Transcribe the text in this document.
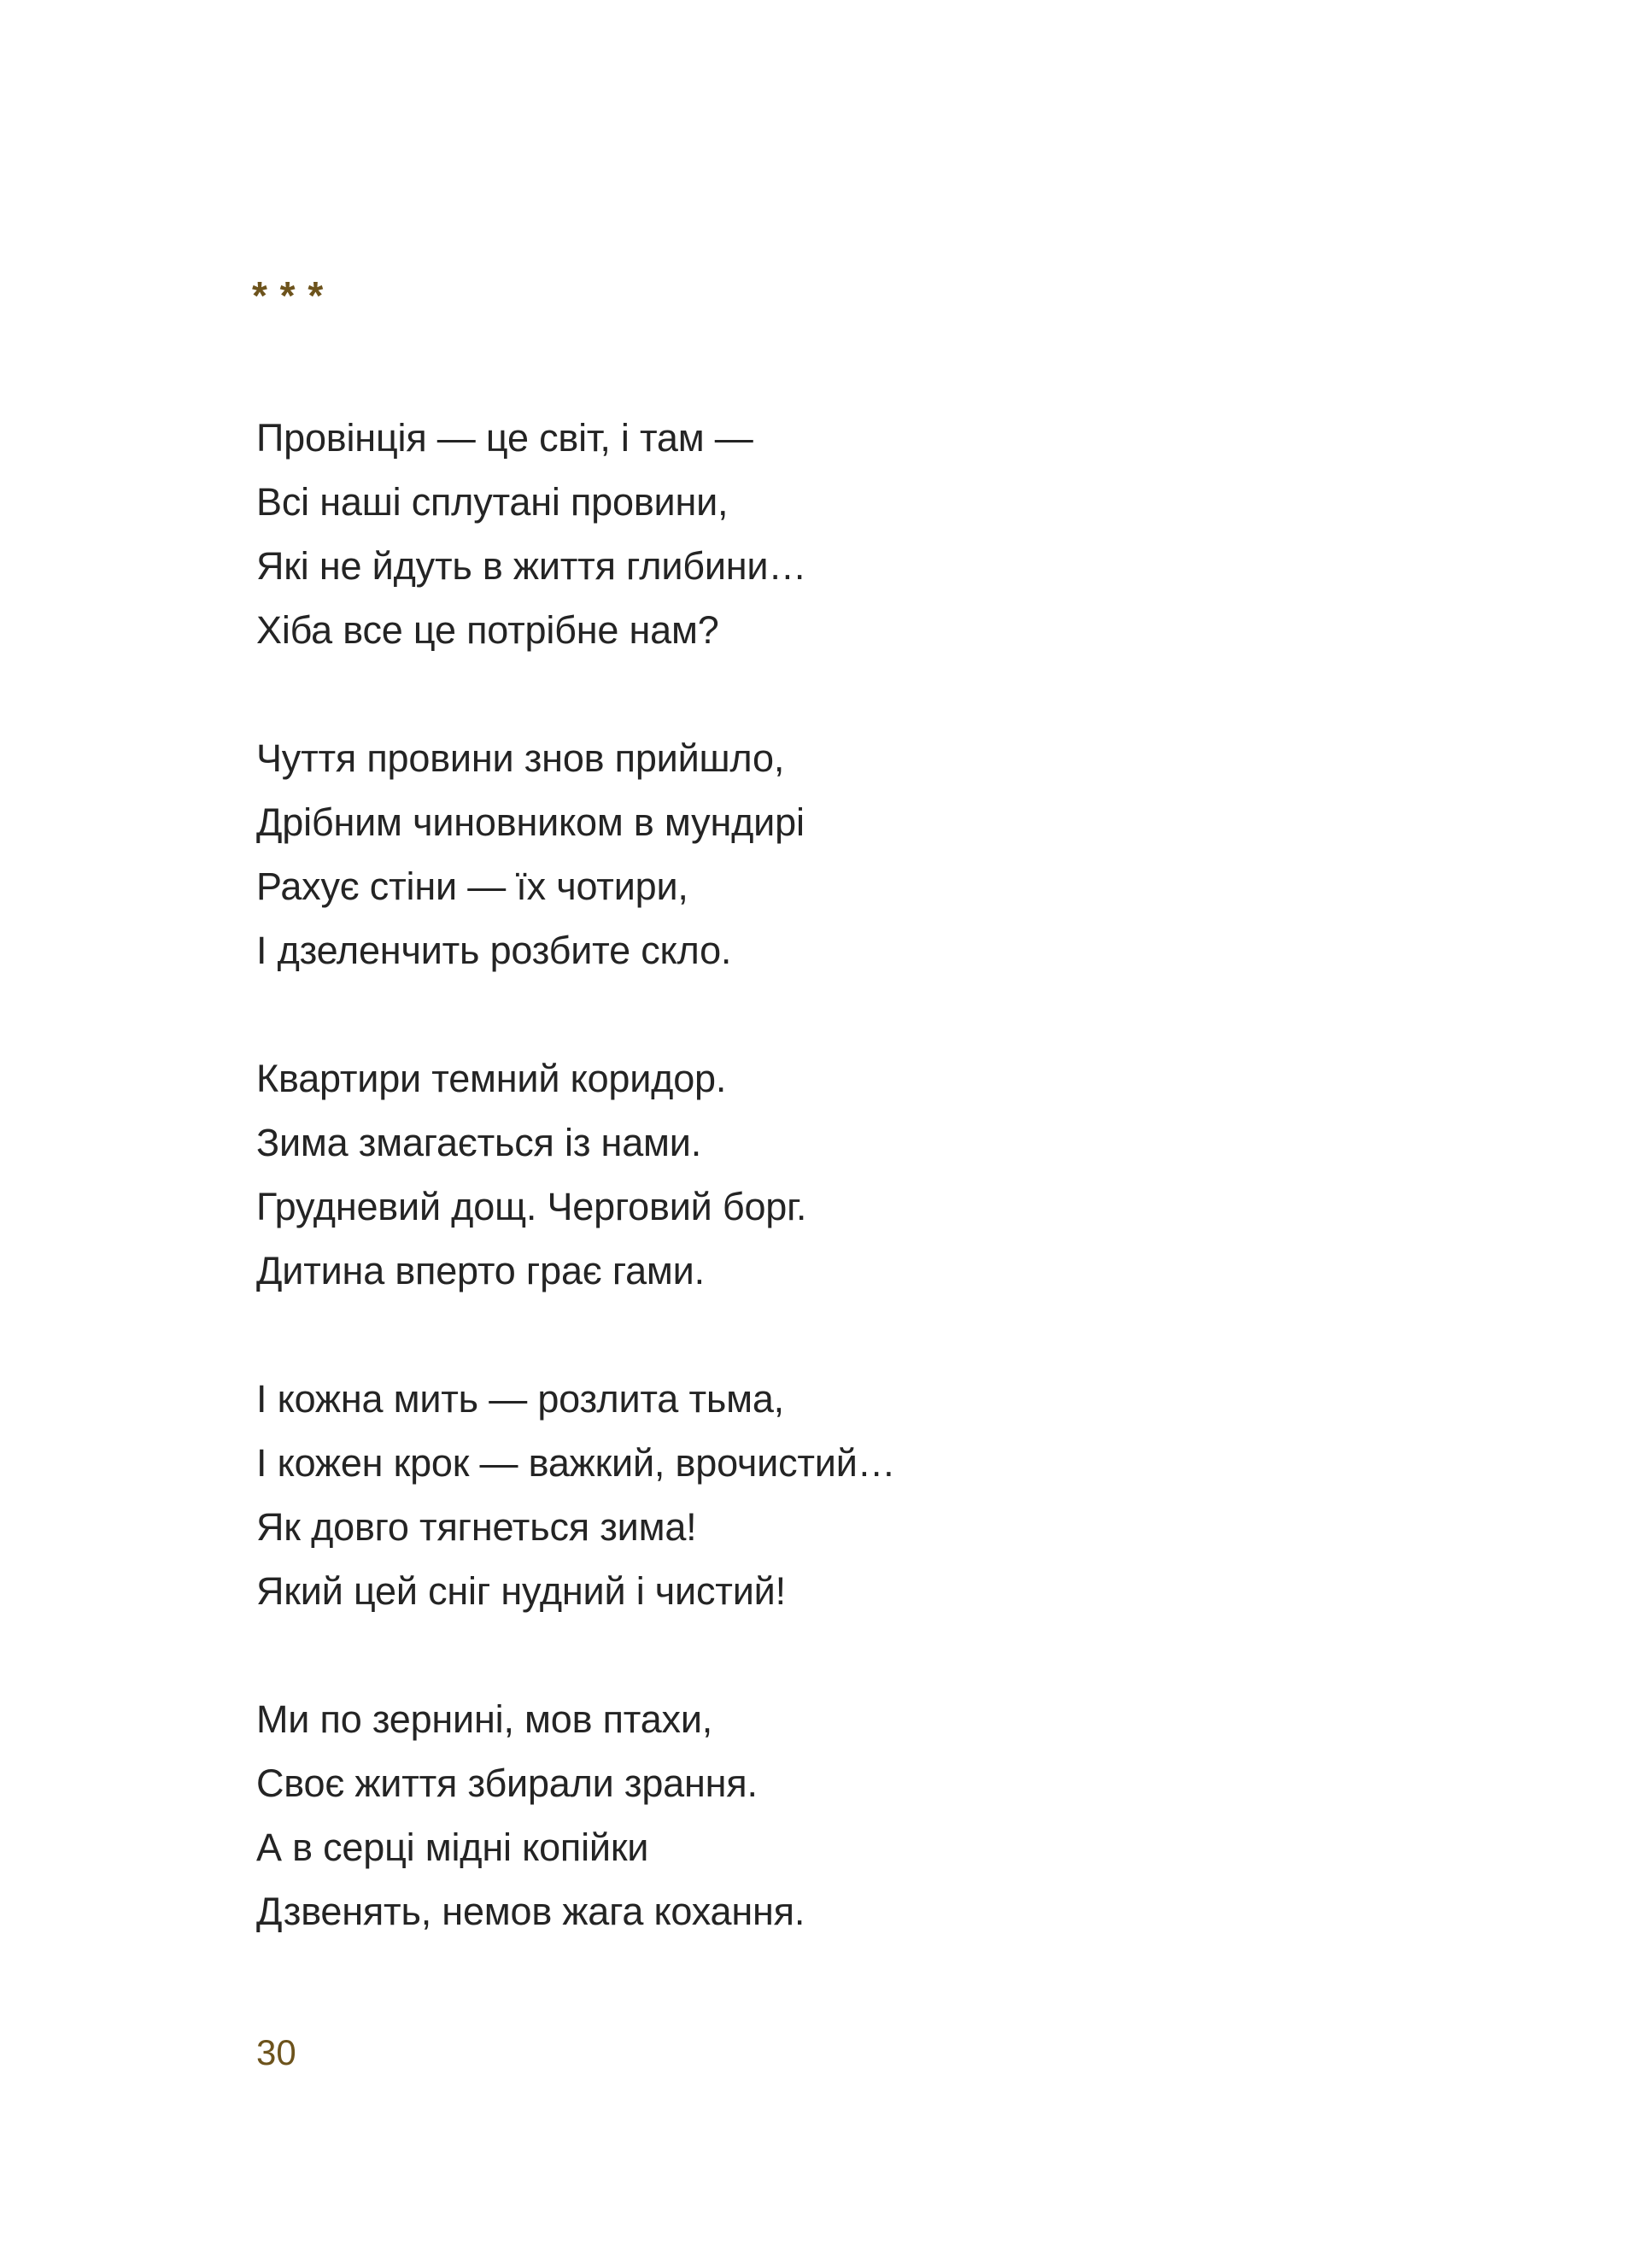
* * *
Провінція — це світ, і там —
Всі наші сплутані провини,
Які не йдуть в життя глибини…
Хіба все це потрібне нам?
Чуття провини знов прийшло,
Дрібним чиновником в мундирі
Рахує стіни — їх чотири,
І дзеленчить розбите скло.
Квартири темний коридор.
Зима змагається із нами.
Грудневий дощ. Черговий борг.
Дитина вперто грає гами.
І кожна мить — розлита тьма,
І кожен крок — важкий, врочистий…
Як довго тягнеться зима!
Який цей сніг нудний і чистий!
Ми по зернині, мов птахи,
Своє життя збирали зрання.
А в серці мідні копійки
Дзвенять, немов жага кохання.
30
